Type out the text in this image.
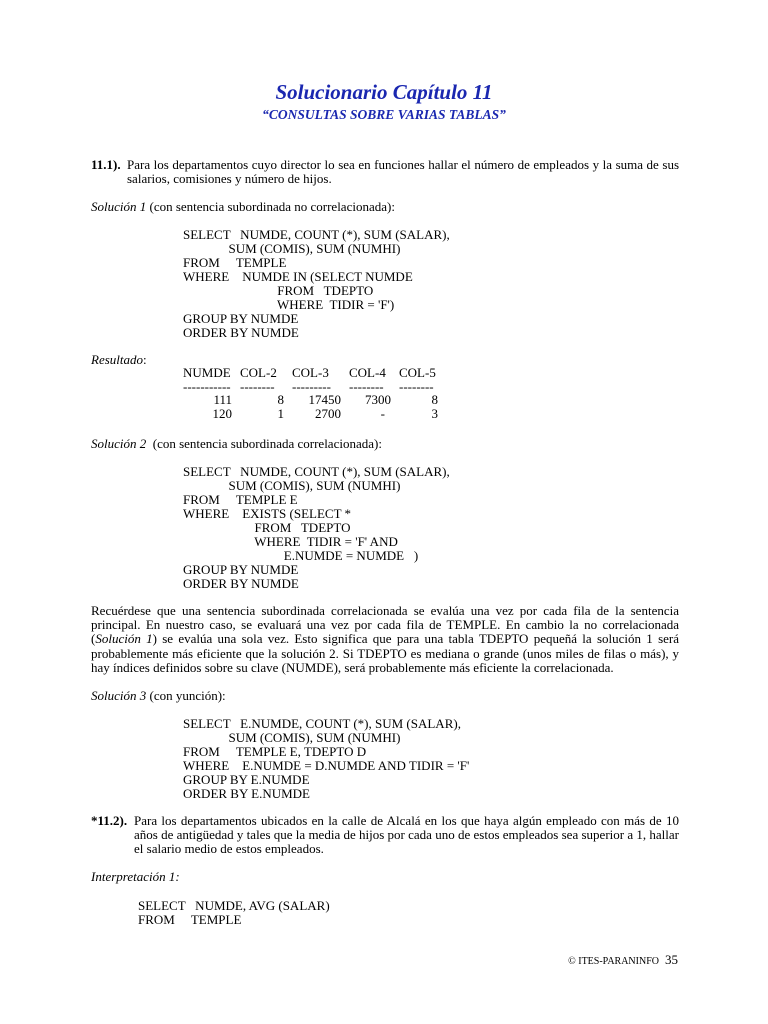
Solucionario Capítulo 11
“CONSULTAS SOBRE VARIAS TABLAS”
11.1). Para los departamentos cuyo director lo sea en funciones hallar el número de empleados y la suma de sus salarios, comisiones y número de hijos.
Solución 1 (con sentencia subordinada no correlacionada):
SELECT   NUMDE, COUNT (*), SUM (SALAR),
SUM (COMIS), SUM (NUMHI)
FROM     TEMPLE
WHERE    NUMDE IN (SELECT NUMDE
FROM   TDEPTO
WHERE  TIDIR = 'F')
GROUP BY NUMDE
ORDER BY NUMDE
Resultado:
NUMDE	COL-2	COL-3	COL-4	COL-5
-----------	--------	---------	--------	--------
111	8	17450	7300	8
120	1	2700	-	3
Solución 2  (con sentencia subordinada correlacionada):
SELECT   NUMDE, COUNT (*), SUM (SALAR),
SUM (COMIS), SUM (NUMHI)
FROM     TEMPLE E
WHERE    EXISTS (SELECT *
FROM   TDEPTO
WHERE  TIDIR = 'F' AND
E.NUMDE = NUMDE   )
GROUP BY NUMDE
ORDER BY NUMDE
Recuérdese que una sentencia subordinada correlacionada se evalúa una vez por cada fila de la sentencia principal. En nuestro caso, se evaluará una vez por cada fila de TEMPLE. En cambio la no correlacionada (Solución 1) se evalúa una sola vez. Esto significa que para una tabla TDEPTO pequeñá la solución 1 será probablemente más eficiente que la solución 2. Si TDEPTO es mediana o grande (unos miles de filas o más), y hay índices definidos sobre su clave (NUMDE), será probablemente más eficiente la correlacionada.
Solución 3 (con yunción):
SELECT   E.NUMDE, COUNT (*), SUM (SALAR),
SUM (COMIS), SUM (NUMHI)
FROM     TEMPLE E, TDEPTO D
WHERE    E.NUMDE = D.NUMDE AND TIDIR = 'F'
GROUP BY E.NUMDE
ORDER BY E.NUMDE
*11.2). Para los departamentos ubicados en la calle de Alcalá en los que haya algún empleado con más de 10 años de antigüedad y tales que la media de hijos por cada uno de estos empleados sea superior a 1, hallar el salario medio de estos empleados.
Interpretación 1:
SELECT   NUMDE, AVG (SALAR)
FROM     TEMPLE
© ITES-PARANINFO 35
